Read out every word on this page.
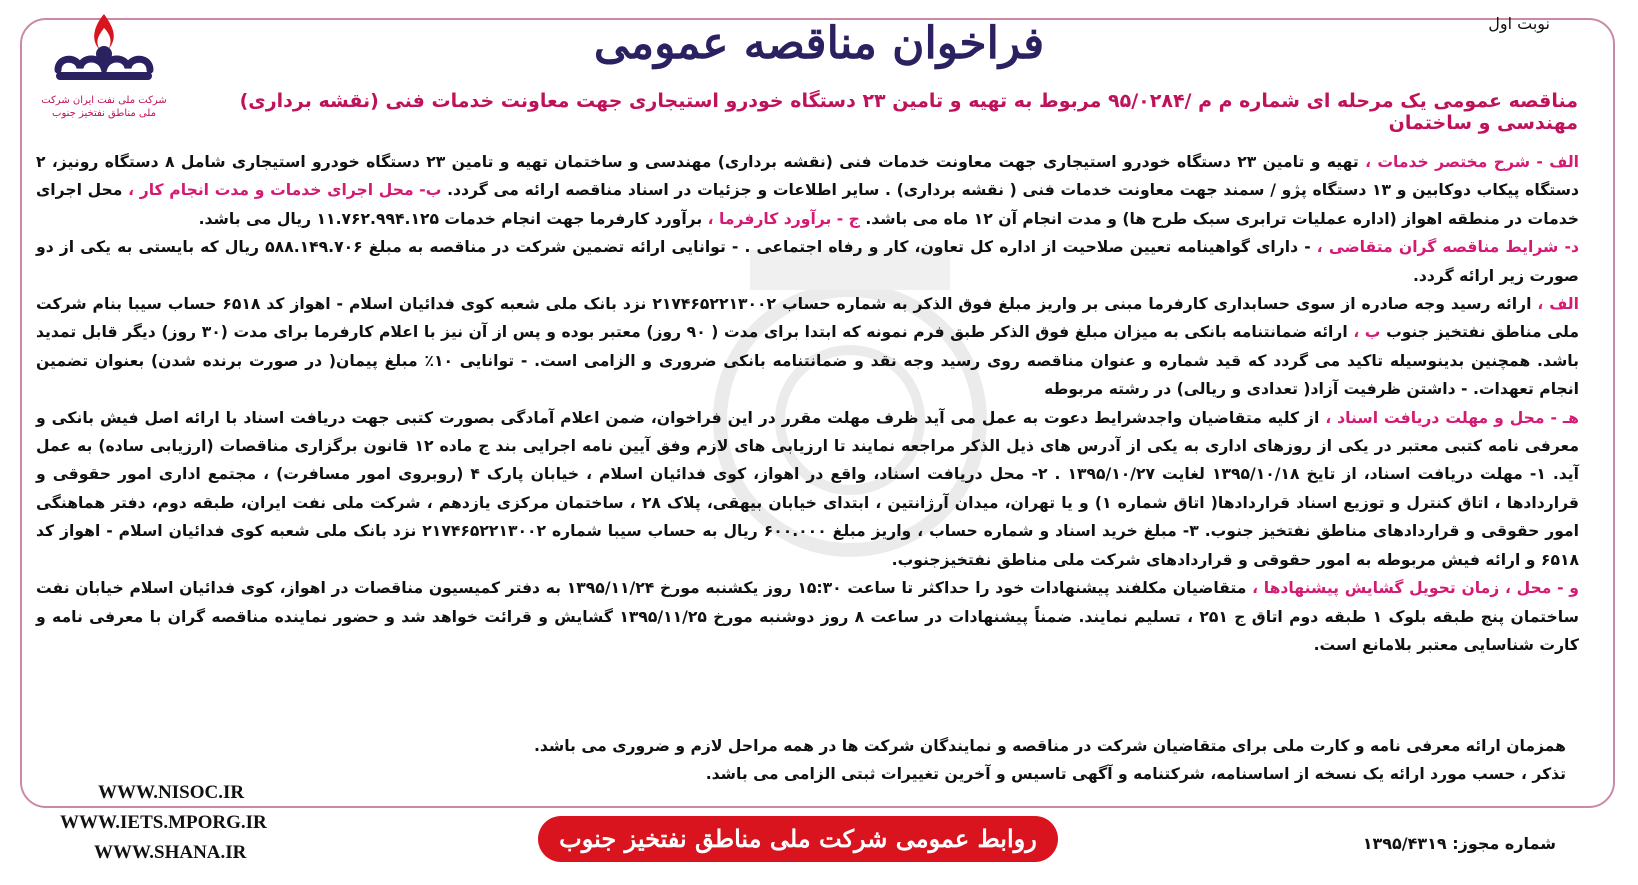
نوبت اول
شرکت ملی نفت ایران شرکت ملی مناطق نفتخیز جنوب
فراخوان مناقصه عمومی
مناقصه عمومی یک مرحله ای شماره م م /۹۵/۰۲۸۴ مربوط به تهیه و تامین ۲۳ دستگاه خودرو استیجاری جهت معاونت خدمات فنی (نقشه برداری) مهندسی و ساختمان

الف - شرح مختصر خدمات ، تهیه و تامین ۲۳ دستگاه خودرو استیجاری جهت معاونت خدمات فنی (نقشه برداری) مهندسی و ساختمان تهیه و تامین ۲۳ دستگاه خودرو استیجاری شامل ۸ دستگاه رونیز، ۲ دستگاه پیکاب دوکابین و ۱۳ دستگاه پژو / سمند جهت معاونت خدمات فنی ( نقشه برداری) . سایر اطلاعات و جزئیات در اسناد مناقصه ارائه می گردد. ب- محل اجرای خدمات و مدت انجام کار ، محل اجرای خدمات در منطقه اهواز (اداره عملیات ترابری سبک طرح ها) و مدت انجام آن ۱۲ ماه می باشد. ج - برآورد کارفرما ، برآورد کارفرما جهت انجام خدمات ۱۱.۷۶۲.۹۹۴.۱۲۵ ریال می باشد.

د- شرایط مناقصه گران متقاضی ، - دارای گواهینامه تعیین صلاحیت از اداره کل تعاون، کار و رفاه اجتماعی . - توانایی ارائه تضمین شرکت در مناقصه به مبلغ ۵۸۸.۱۴۹.۷۰۶ ریال که بایستی به یکی از دو صورت زیر ارائه گردد.

الف ، ارائه رسید وجه صادره از سوی حسابداری کارفرما مبنی بر واریز مبلغ فوق الذکر به شماره حساب ۲۱۷۴۶۵۲۲۱۳۰۰۲ نزد بانک ملی شعبه کوی فدائیان اسلام - اهواز کد ۶۵۱۸ حساب سیبا بنام شرکت ملی مناطق نفتخیز جنوب ب ، ارائه ضمانتنامه بانکی به میزان مبلغ فوق الذکر طبق فرم نمونه که ابتدا برای مدت ( ۹۰ روز) معتبر بوده و پس از آن نیز با اعلام کارفرما برای مدت (۳۰ روز) دیگر قابل تمدید باشد. همچنین بدینوسیله تاکید می گردد که قید شماره و عنوان مناقصه روی رسید وجه نقد و ضمانتنامه بانکی ضروری و الزامی است. - توانایی ۱۰٪ مبلغ پیمان( در صورت برنده شدن) بعنوان تضمین انجام تعهدات. - داشتن ظرفیت آزاد( تعدادی و ریالی) در رشته مربوطه

هـ - محل و مهلت دریافت اسناد ، از کلیه متقاضیان واجدشرایط دعوت به عمل می آید ظرف مهلت مقرر در این فراخوان، ضمن اعلام آمادگی بصورت کتبی جهت دریافت اسناد با ارائه اصل فیش بانکی و معرفی نامه کتبی معتبر در یکی از روزهای اداری به یکی از آدرس های ذیل الذکر مراجعه نمایند تا ارزیابی های لازم وفق آیین نامه اجرایی بند ج ماده ۱۲ قانون برگزاری مناقصات (ارزیابی ساده) به عمل آید. ۱- مهلت دریافت اسناد، از تایخ ۱۳۹۵/۱۰/۱۸ لغایت ۱۳۹۵/۱۰/۲۷ . ۲- محل دریافت اسناد، واقع در اهواز، کوی فدائیان اسلام ، خیابان پارک ۴ (روبروی امور مسافرت) ، مجتمع اداری امور حقوقی و قراردادها ، اتاق کنترل و توزیع اسناد قراردادها( اتاق شماره ۱) و یا تهران، میدان آرژانتین ، ابتدای خیابان بیهقی، پلاک ۲۸ ، ساختمان مرکزی یازدهم ، شرکت ملی نفت ایران، طبقه دوم، دفتر هماهنگی امور حقوقی و قراردادهای مناطق نفتخیز جنوب. ۳- مبلغ خرید اسناد و شماره حساب ، واریز مبلغ ۶۰۰.۰۰۰ ریال به حساب سیبا شماره ۲۱۷۴۶۵۲۲۱۳۰۰۲ نزد بانک ملی شعبه کوی فدائیان اسلام - اهواز کد ۶۵۱۸ و ارائه فیش مربوطه به امور حقوقی و قراردادهای شرکت ملی مناطق نفتخیزجنوب.

و - محل ، زمان تحویل گشایش پیشنهادها ، متقاضیان مکلفند پیشنهادات خود را حداکثر تا ساعت ۱۵:۳۰ روز یکشنبه مورخ ۱۳۹۵/۱۱/۲۴ به دفتر کمیسیون مناقصات در اهواز، کوی فدائیان اسلام خیابان نفت ساختمان پنج طبقه بلوک ۱ طبقه دوم اتاق ج ۲۵۱ ، تسلیم نمایند. ضمناً پیشنهادات در ساعت ۸ روز دوشنبه مورخ ۱۳۹۵/۱۱/۲۵ گشایش و قرائت خواهد شد و حضور نماینده مناقصه گران با معرفی نامه و کارت شناسایی معتبر بلامانع است.

همزمان ارائه معرفی نامه و کارت ملی برای متقاضیان شرکت در مناقصه و نمایندگان شرکت ها در همه مراحل لازم و ضروری می باشد.

تذکر ، حسب مورد ارائه یک نسخه از اساسنامه، شرکتنامه و آگهی تاسیس و آخرین تغییرات ثبتی الزامی می باشد.

WWW.NISOC.IR
WWW.IETS.MPORG.IR
WWW.SHANA.IR	روابط عمومی شرکت ملی مناطق نفتخیز جنوب	شماره مجوز: ۱۳۹۵/۴۳۱۹
